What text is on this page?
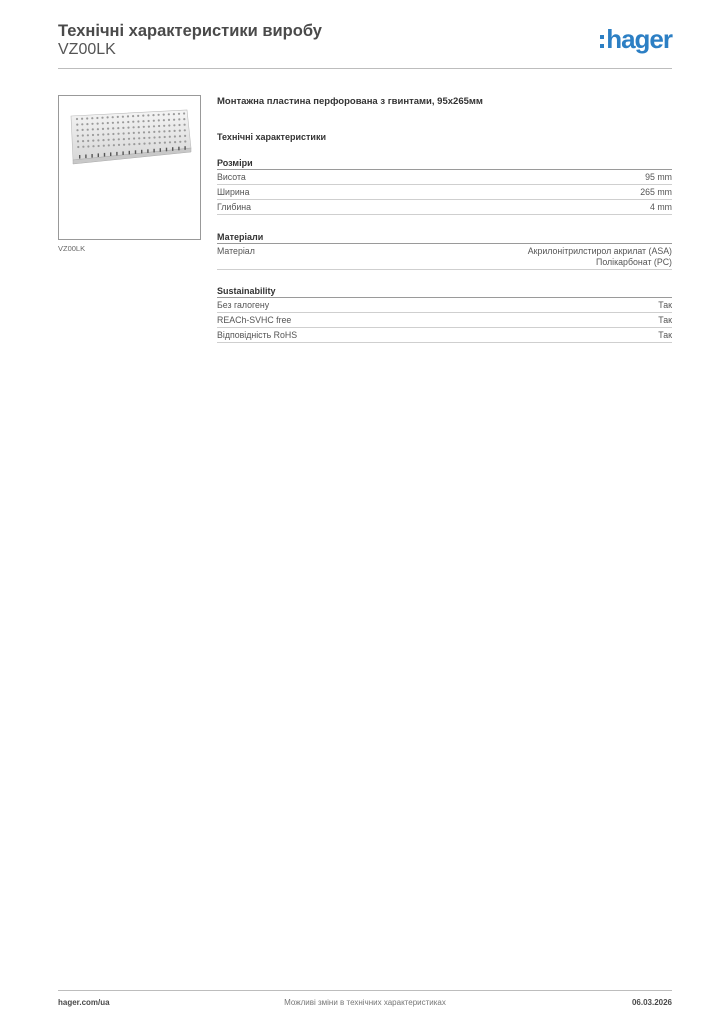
Технічні характеристики виробу
VZ00LK	hager
VZ00LK
Монтажна пластина перфорована з гвинтами, 95х265мм
Технічні характеристики
Розміри
Висота	95 mm
Ширина	265 mm
Глибина	4 mm
Матеріали
Матеріал	Акрилонітрилстирол акрилат (ASA)
Полікарбонат (PC)
Sustainability
Без галогену	Так
REACh-SVHC free	Так
Відповідність RoHS	Так
hager.com/ua	Можливі зміни в технічних характеристиках	06.03.2026
